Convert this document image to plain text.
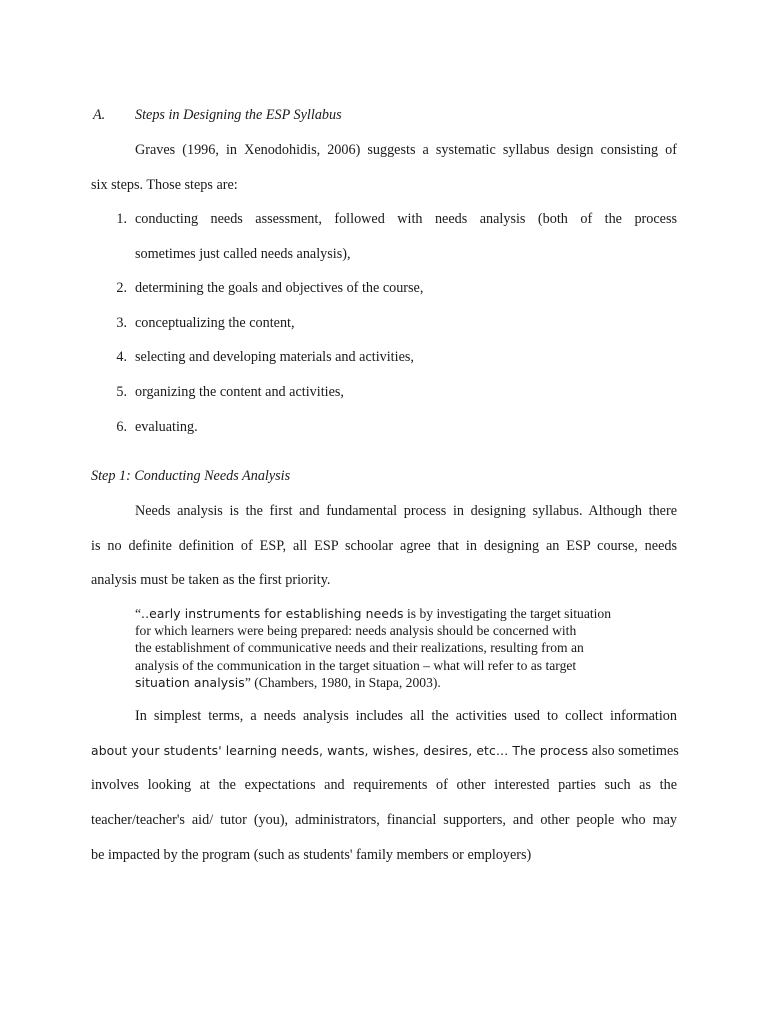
A. Steps in Designing the ESP Syllabus
Graves (1996, in Xenodohidis, 2006) suggests a systematic syllabus design consisting of
six steps. Those steps are:
1. conducting needs assessment, followed with needs analysis (both of the process
sometimes just called needs analysis),
2. determining the goals and objectives of the course,
3. conceptualizing the content,
4. selecting and developing materials and activities,
5. organizing the content and activities,
6. evaluating.
Step 1: Conducting Needs Analysis
Needs analysis is the first and fundamental process in designing syllabus. Although there
is no definite definition of ESP, all ESP schoolar agree that in designing an ESP course, needs
analysis must be taken as the first priority.
“..early instruments for establishing needs is by investigating the target situation
for which learners were being prepared: needs analysis should be concerned with
the establishment of communicative needs and their realizations, resulting from an
analysis of the communication in the target situation – what will refer to as target
situation analysis” (Chambers, 1980, in Stapa, 2003).
In simplest terms, a needs analysis includes all the activities used to collect information
about your students' learning needs, wants, wishes, desires, etc… The process also sometimes
involves looking at the expectations and requirements of other interested parties such as the
teacher/teacher's aid/ tutor (you), administrators, financial supporters, and other people who may
be impacted by the program (such as students' family members or employers)
